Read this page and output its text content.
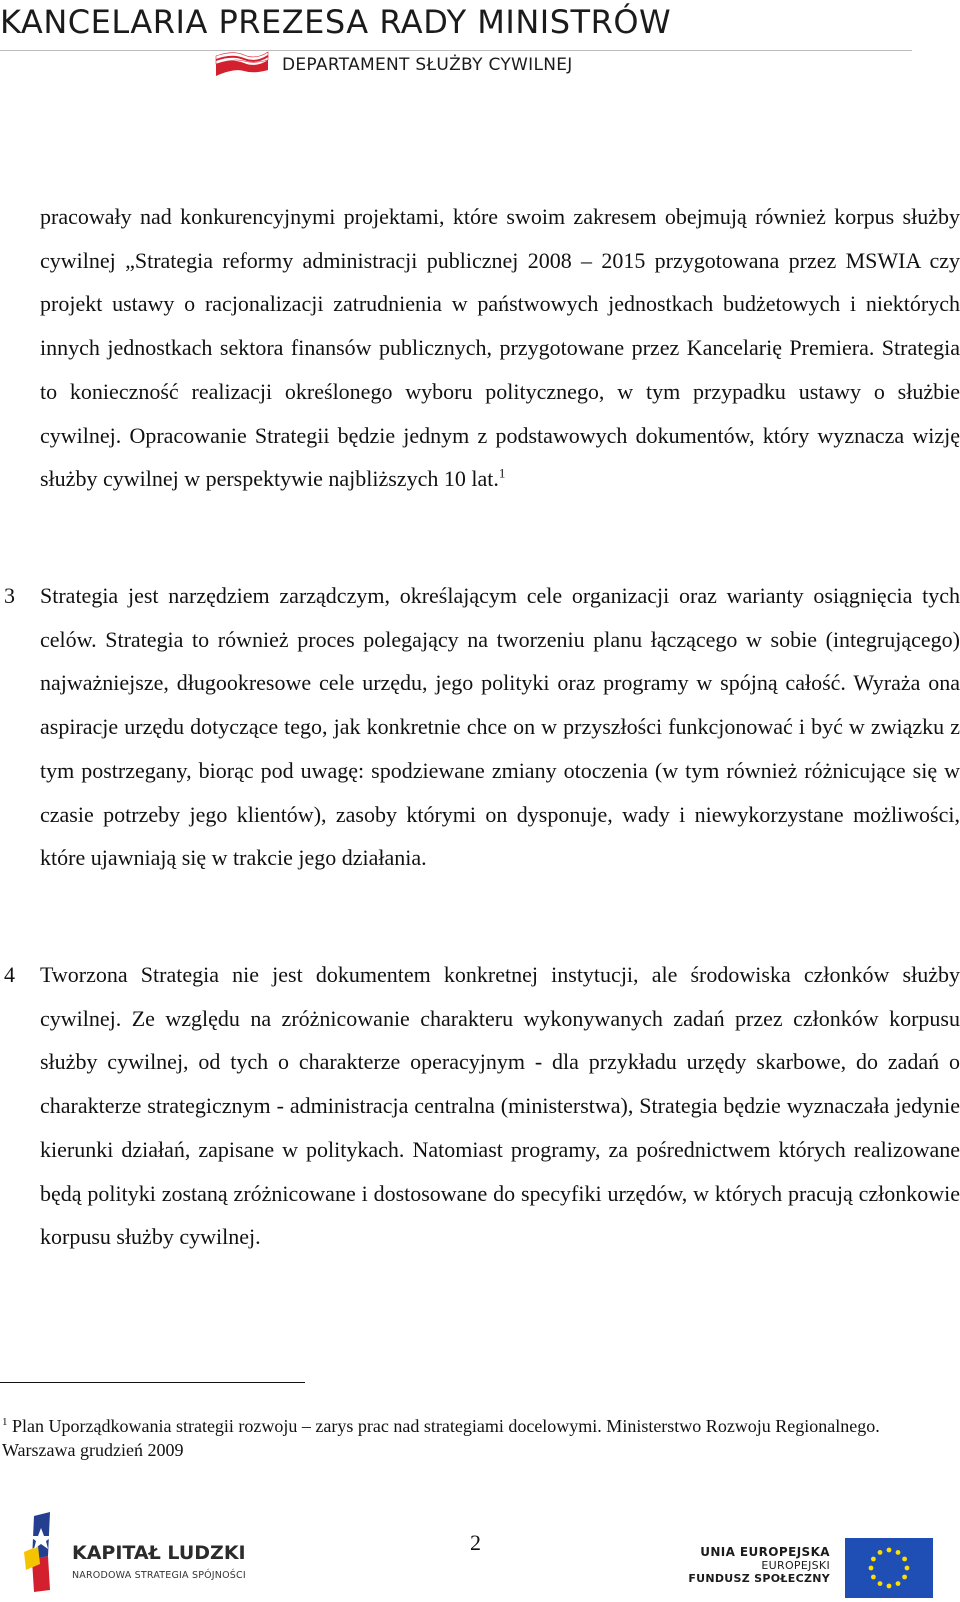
KANCELARIA PREZESA RADY MINISTRÓW
DEPARTAMENT SŁUŻBY CYWILNEJ
pracowały nad konkurencyjnymi projektami, które swoim zakresem obejmują również korpus służby cywilnej „Strategia reformy administracji publicznej 2008 – 2015 przygotowana przez MSWIA czy projekt ustawy o racjonalizacji zatrudnienia w państwowych jednostkach budżetowych i niektórych innych jednostkach sektora finansów publicznych, przygotowane przez Kancelarię Premiera. Strategia to konieczność realizacji określonego wyboru politycznego, w tym przypadku ustawy o służbie cywilnej. Opracowanie Strategii będzie jednym z podstawowych dokumentów, który wyznacza wizję służby cywilnej w perspektywie najbliższych 10 lat.$^1$
3 Strategia jest narzędziem zarządczym, określającym cele organizacji oraz warianty osiągnięcia tych celów. Strategia to również proces polegający na tworzeniu planu łączącego w sobie (integrującego) najważniejsze, długookresowe cele urzędu, jego polityki oraz programy w spójną całość. Wyraża ona aspiracje urzędu dotyczące tego, jak konkretnie chce on w przyszłości funkcjonować i być w związku z tym postrzegany, biorąc pod uwagę: spodziewane zmiany otoczenia (w tym również różnicujące się w czasie potrzeby jego klientów), zasoby którymi on dysponuje, wady i niewykorzystane możliwości, które ujawniają się w trakcie jego działania.
4 Tworzona Strategia nie jest dokumentem konkretnej instytucji, ale środowiska członków służby cywilnej. Ze względu na zróżnicowanie charakteru wykonywanych zadań przez członków korpusu służby cywilnej, od tych o charakterze operacyjnym - dla przykładu urzędy skarbowe, do zadań o charakterze strategicznym - administracja centralna (ministerstwa), Strategia będzie wyznaczała jedynie kierunki działań, zapisane w politykach. Natomiast programy, za pośrednictwem których realizowane będą polityki zostaną zróżnicowane i dostosowane do specyfiki urzędów, w których pracują członkowie korpusu służby cywilnej.
$^1$ Plan Uporządkowania strategii rozwoju – zarys prac nad strategiami docelowymi. Ministerstwo Rozwoju Regionalnego. Warszawa grudzień 2009
KAPITAŁ LUDZKI
NARODOWA STRATEGIA SPÓJNOŚCI
2	UNIA EUROPEJSKA
EUROPEJSKI
FUNDUSZ SPOŁECZNY
